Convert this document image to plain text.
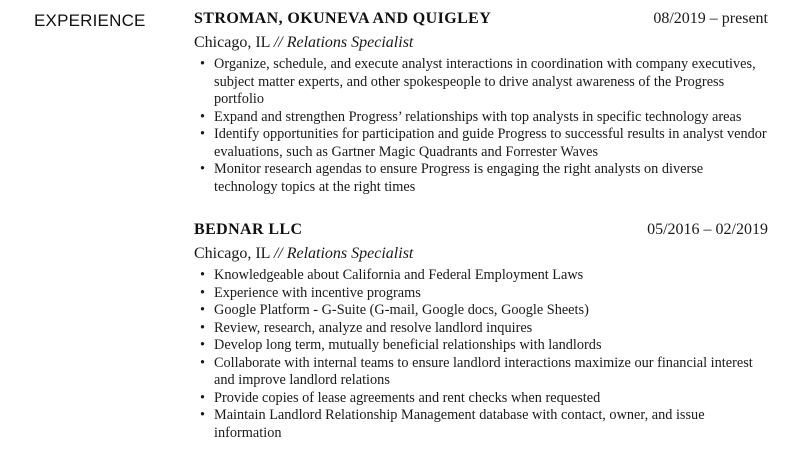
EXPERIENCE	STROMAN, OKUNEVA AND QUIGLEY	08/2019 – present
Chicago, IL // Relations Specialist
• Organize, schedule, and execute analyst interactions in coordination with company executives, subject matter experts, and other spokespeople to drive analyst awareness of the Progress portfolio
• Expand and strengthen Progress’ relationships with top analysts in specific technology areas
• Identify opportunities for participation and guide Progress to successful results in analyst vendor evaluations, such as Gartner Magic Quadrants and Forrester Waves
• Monitor research agendas to ensure Progress is engaging the right analysts on diverse technology topics at the right times
BEDNAR LLC	05/2016 – 02/2019
Chicago, IL // Relations Specialist
• Knowledgeable about California and Federal Employment Laws
• Experience with incentive programs
• Google Platform - G-Suite (G-mail, Google docs, Google Sheets)
• Review, research, analyze and resolve landlord inquires
• Develop long term, mutually beneficial relationships with landlords
• Collaborate with internal teams to ensure landlord interactions maximize our financial interest and improve landlord relations
• Provide copies of lease agreements and rent checks when requested
• Maintain Landlord Relationship Management database with contact, owner, and issue information
